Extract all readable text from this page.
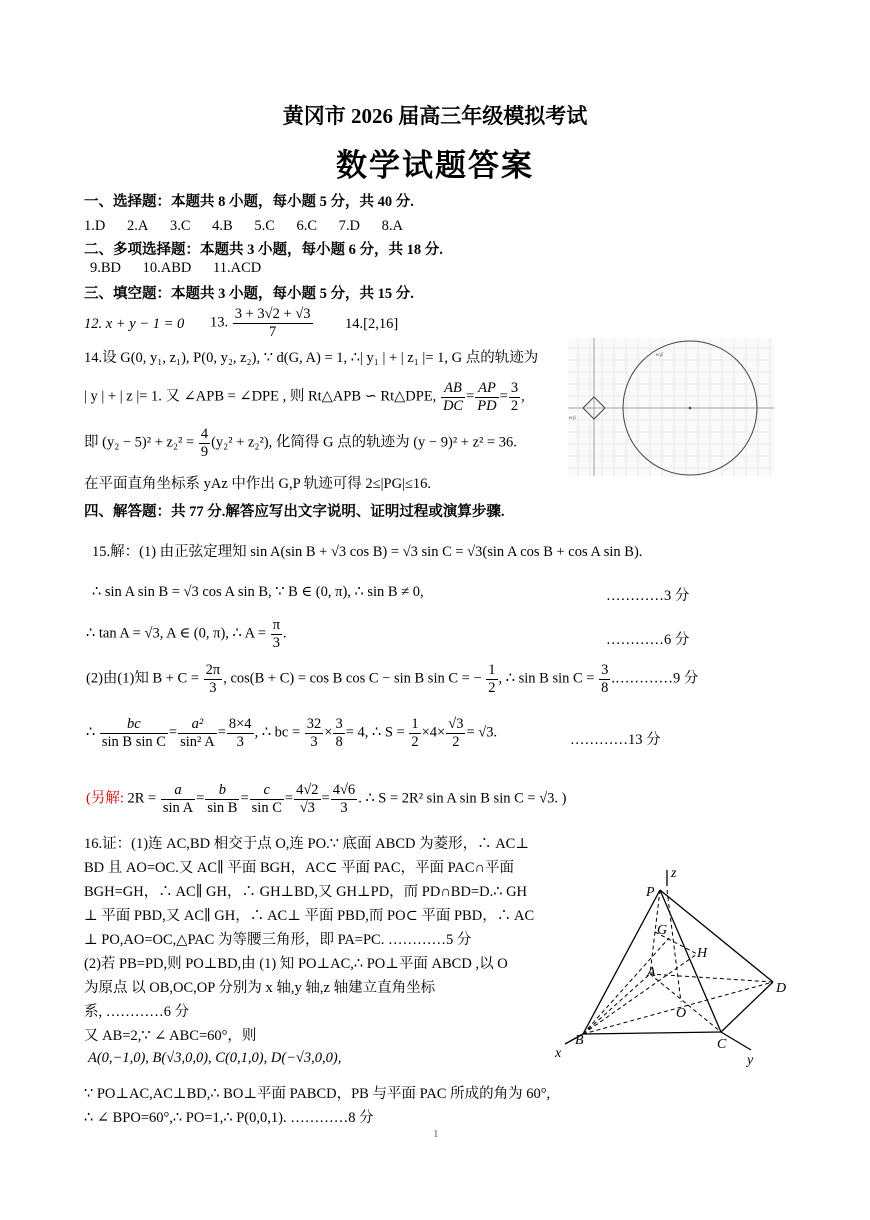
黄冈市 2026 届高三年级模拟考试
数学试题答案
一、选择题：本题共 8 小题，每小题 5 分，共 40 分.
1.D 2.A 3.C 4.B 5.C 6.C 7.D 8.A
二、多项选择题：本题共 3 小题，每小题 6 分，共 18 分.
9.BD 10.ABD 11.ACD
三、填空题：本题共 3 小题，每小题 5 分，共 15 分.
12. x + y − 1 = 0 13. $\frac{3 + 3√2 + √3}{7} 14.[2,16]$
14.设 G(0, y₁, z₁), P(0, y₂, z₂), ∵ d(G, A) = 1, ∴| y₁ | + | z₁ |= 1, G 点的轨迹为
| y | + | z |= 1. 又 ∠APB = ∠DPE , 则 Rt△APB ∽ Rt△DPE, $\frac{AB}{DC} = \frac{AP}{PD} = \frac{3}{2}$ ,
即 $(y_2 - 5)^2 + z_2^2 = \frac{4}{9} (y_2^2 + z_2^2)$, 化简得 G 点的轨迹为 (y − 9)² + z² = 36.
在平面直角坐标系 yAz 中作出 G,P 轨迹可得 2≤|PG|≤16.
eq2
eq1
四、解答题：共 77 分.解答应写出文字说明、证明过程或演算步骤.
15.解：(1) 由正弦定理知 sin A(sin B + √3 cos B) = √3 sin C = √3(sin A cos B + cos A sin B).
∴ sin A sin B = √3 cos A sin B, ∵ B ∈ (0, π), ∴ sin B ≠ 0,	…………3 分
∴ tan A = √3, A ∈ (0, π), ∴ $A = \frac{\pi}{3}$ .	…………6 分
(2)由(1)知 $B + C = \frac{2\pi}{3}$ , cos(B + C) = cos B cos C − sin B sin C = − $\frac{1}{2}$ , ∴ sin B $\sin C = \frac{3}{8}$ .…………9 分
∴ $\frac{bc}{\text{sin B sin C}} = \frac{\text{a²}}{\text{sin² A}} = \frac{8\times 4}{3}$ , ∴ bc = $\frac{32}{3} \times \frac{3}{8} = 4$, ∴ $S = \frac{1}{2} \times 4\times \frac{√3}{2} = √3$.	…………13 分
(另解: $2R = \frac{a}{\text{sin A}} = \frac{b}{\text{sin B}} = \frac{c}{\text{sin C}} = \frac{4√2}{√3} = \frac{4√6}{3}$ . ∴ S = 2R² sin A sin B sin C = √3. )
16.证：(1)连 AC,BD 相交于点 O,连 PO.∵ 底面 ABCD 为菱形，∴ AC⊥
BD 且 AO=OC.又 AC∥ 平面 BGH，AC⊂ 平面 PAC，平面 PAC∩平面
BGH=GH，∴ AC∥ GH，∴ GH⊥BD,又 GH⊥PD，而 PD∩BD=D.∴ GH
⊥ 平面 PBD,又 AC∥ GH，∴ AC⊥ 平面 PBD,而 PO⊂ 平面 PBD，∴ AC
⊥ PO,AO=OC,△PAC 为等腰三角形，即 PA=PC. …………5 分
(2)若 PB=PD,则 PO⊥BD,由 (1) 知 PO⊥AC,∴ PO⊥平面 ABCD ,以 O
为原点 以 OB,OC,OP 分别为 x 轴,y 轴,z 轴建立直角坐标
系, …………6 分
又 AB=2,∵ ∠ ABC=60°，则
A(0,−1,0), B(√3,0,0), C(0,1,0), D(−√3,0,0),
∵ PO⊥AC,AC⊥BD,∴ BO⊥平面 PABCD，PB 与平面 PAC 所成的角为 60°,
∴ ∠ BPO=60°,∴ PO=1,∴ P(0,0,1). …………8 分
P
z
G
H
A
D
O
B	C
x	y
1
